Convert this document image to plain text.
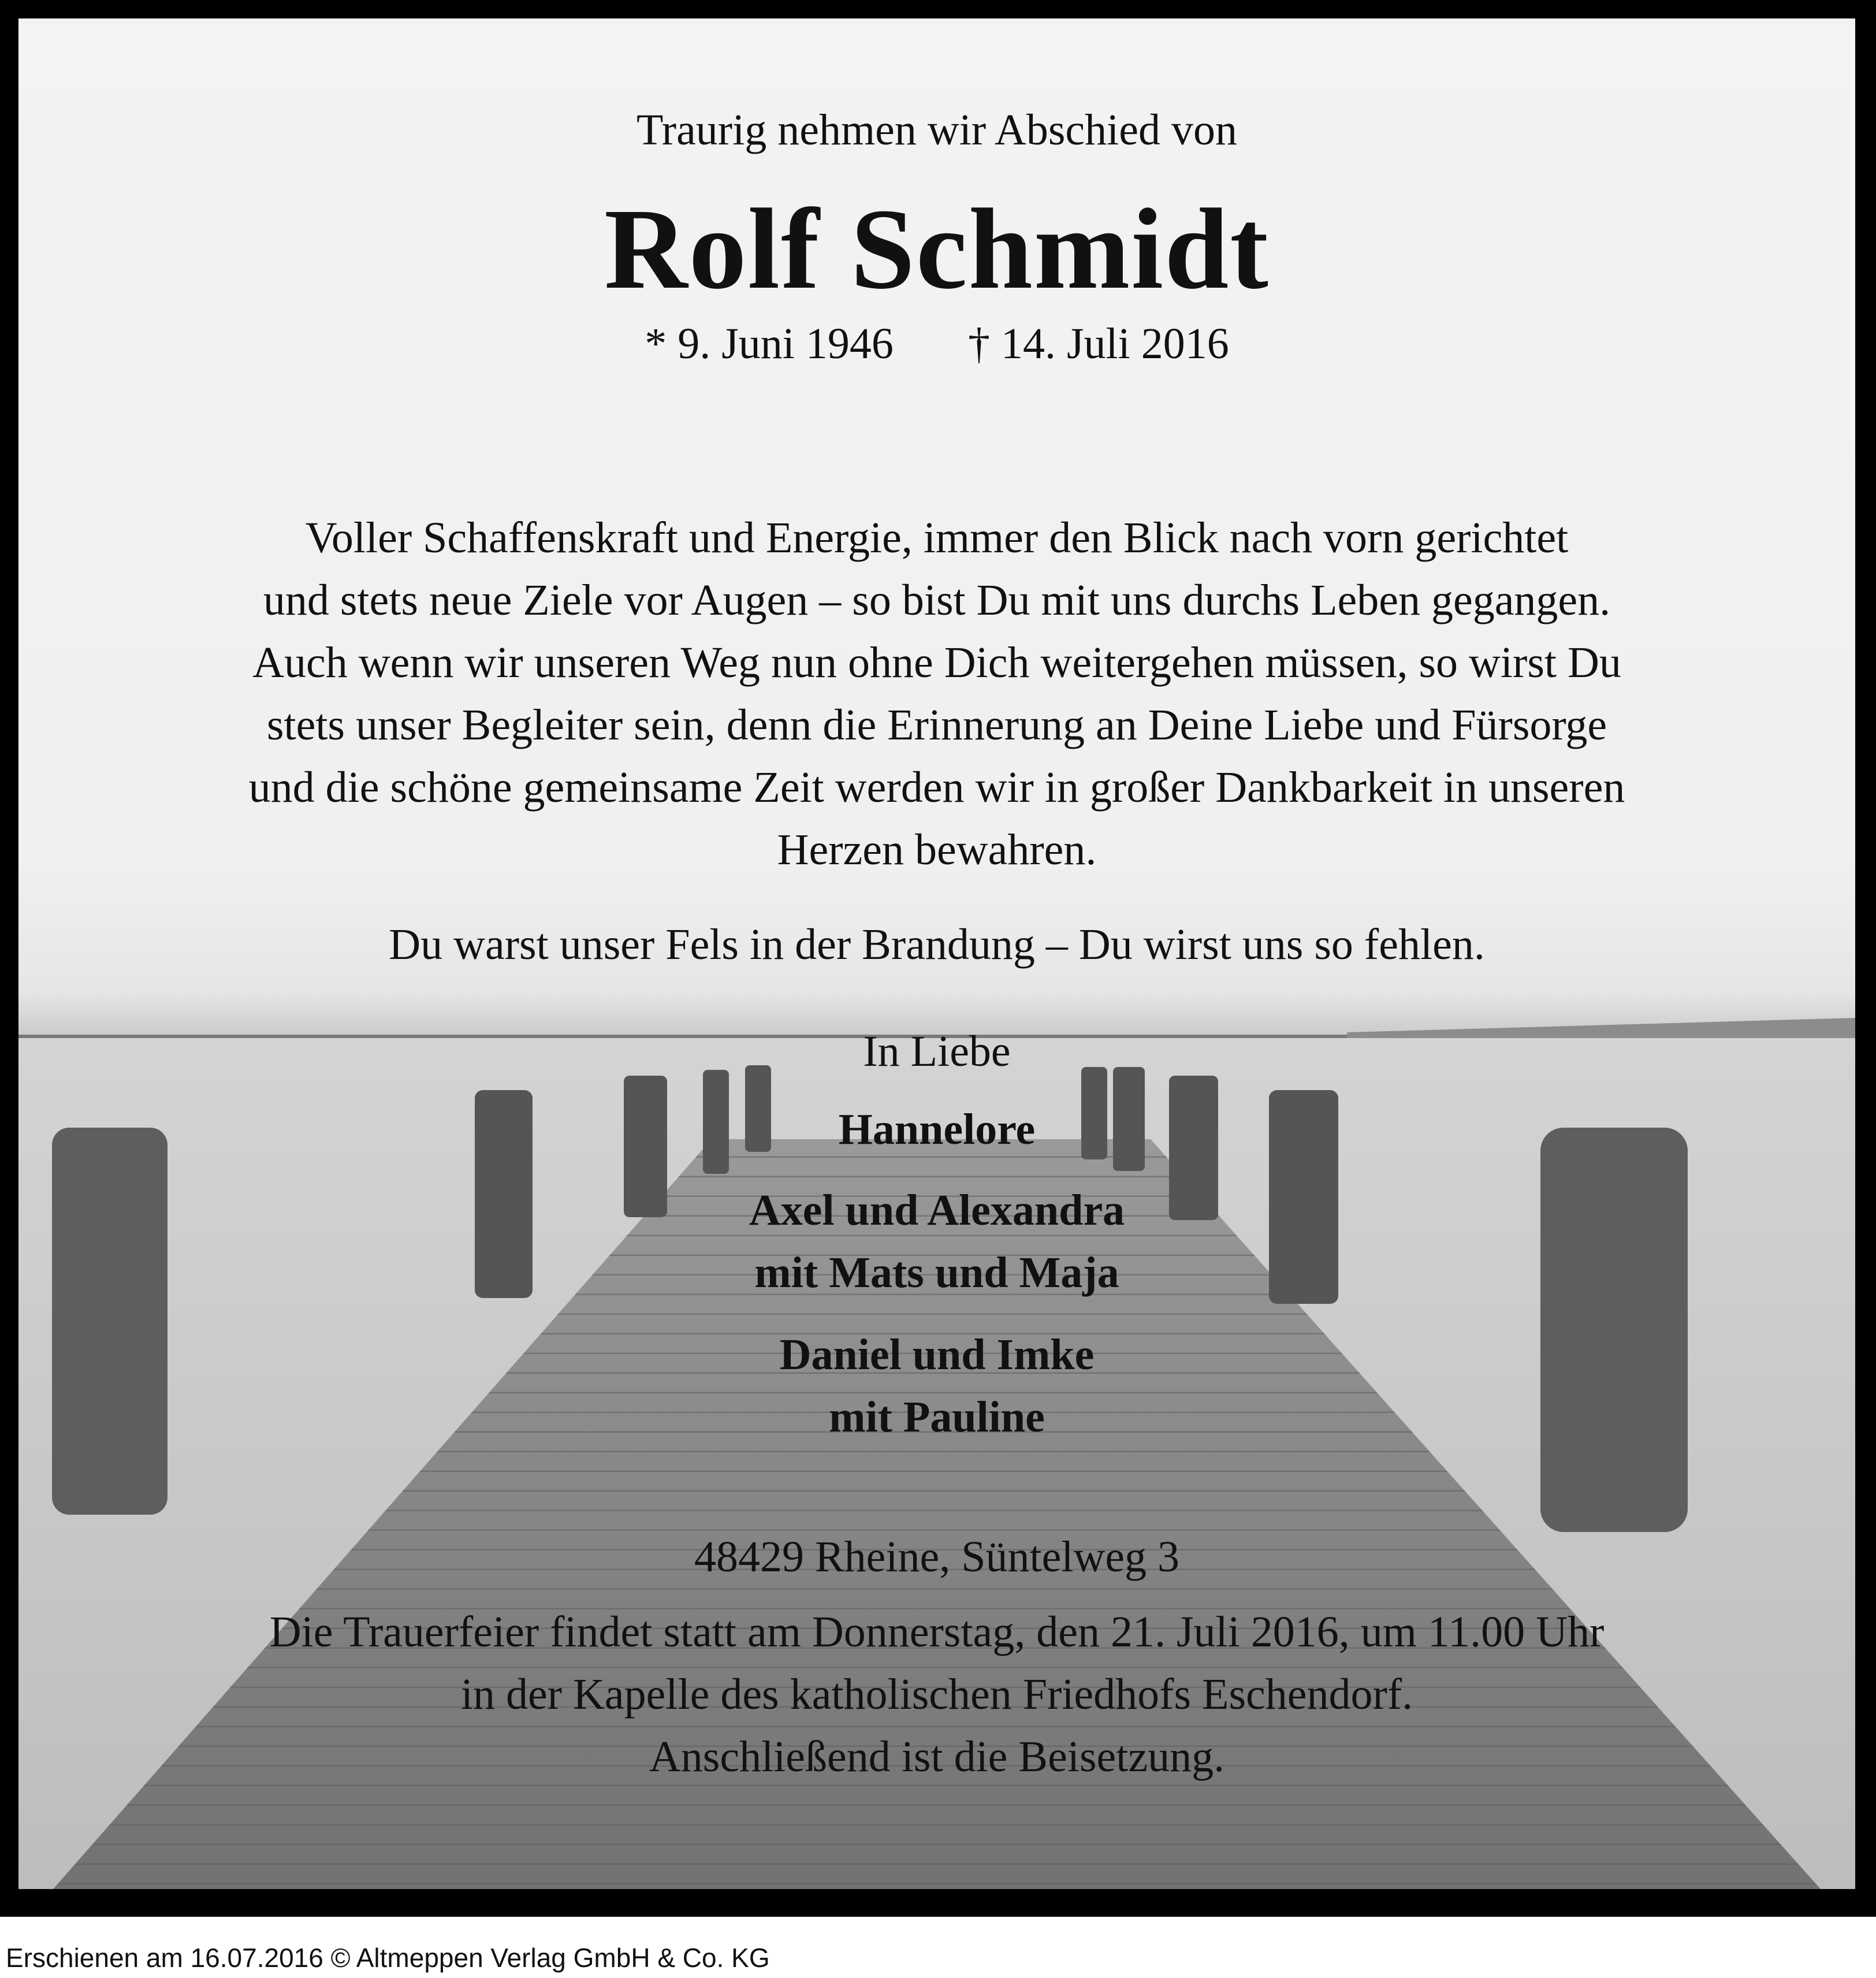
Traurig nehmen wir Abschied von
Rolf Schmidt
* 9. Juni 1946 † 14. Juli 2016
Voller Schaffenskraft und Energie, immer den Blick nach vorn gerichtet
und stets neue Ziele vor Augen – so bist Du mit uns durchs Leben gegangen.
Auch wenn wir unseren Weg nun ohne Dich weitergehen müssen, so wirst Du
stets unser Begleiter sein, denn die Erinnerung an Deine Liebe und Fürsorge
und die schöne gemeinsame Zeit werden wir in großer Dankbarkeit in unseren
Herzen bewahren.
Du warst unser Fels in der Brandung – Du wirst uns so fehlen.
In Liebe
Hannelore
Axel und Alexandra
mit Mats und Maja
Daniel und Imke
mit Pauline
48429 Rheine, Süntelweg 3
Die Trauerfeier findet statt am Donnerstag, den 21. Juli 2016, um 11.00 Uhr
in der Kapelle des katholischen Friedhofs Eschendorf.
Anschließend ist die Beisetzung.
Erschienen am 16.07.2016 © Altmeppen Verlag GmbH & Co. KG
